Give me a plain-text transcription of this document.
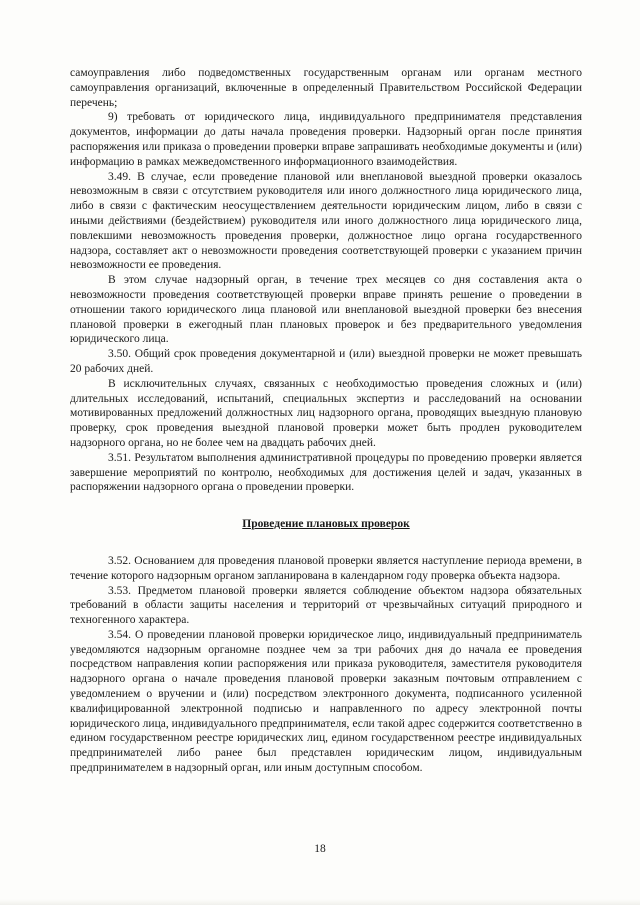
самоуправления либо подведомственных государственным органам или органам местного самоуправления организаций, включенные в определенный Правительством Российской Федерации перечень;

9) требовать от юридического лица, индивидуального предпринимателя представления документов, информации до даты начала проведения проверки. Надзорный орган после принятия распоряжения или приказа о проведении проверки вправе запрашивать необходимые документы и (или) информацию в рамках межведомственного информационного взаимодействия.

3.49. В случае, если проведение плановой или внеплановой выездной проверки оказалось невозможным в связи с отсутствием руководителя или иного должностного лица юридического лица, либо в связи с фактическим неосуществлением деятельности юридическим лицом, либо в связи с иными действиями (бездействием) руководителя или иного должностного лица юридического лица, повлекшими невозможность проведения проверки, должностное лицо органа государственного надзора, составляет акт о невозможности проведения соответствующей проверки с указанием причин невозможности ее проведения.

В этом случае надзорный орган, в течение трех месяцев со дня составления акта о невозможности проведения соответствующей проверки вправе принять решение о проведении в отношении такого юридического лица плановой или внеплановой выездной проверки без внесения плановой проверки в ежегодный план плановых проверок и без предварительного уведомления юридического лица.

3.50. Общий срок проведения документарной и (или) выездной проверки не может превышать 20 рабочих дней.

В исключительных случаях, связанных с необходимостью проведения сложных и (или) длительных исследований, испытаний, специальных экспертиз и расследований на основании мотивированных предложений должностных лиц надзорного органа, проводящих выездную плановую проверку, срок проведения выездной плановой проверки может быть продлен руководителем надзорного органа, но не более чем на двадцать рабочих дней.

3.51. Результатом выполнения административной процедуры по проведению проверки является завершение мероприятий по контролю, необходимых для достижения целей и задач, указанных в распоряжении надзорного органа о проведении проверки.

Проведение плановых проверок

3.52. Основанием для проведения плановой проверки является наступление периода времени, в течение которого надзорным органом запланирована в календарном году проверка объекта надзора.

3.53. Предметом плановой проверки является соблюдение объектом надзора обязательных требований в области защиты населения и территорий от чрезвычайных ситуаций природного и техногенного характера.

3.54. О проведении плановой проверки юридическое лицо, индивидуальный предприниматель уведомляются надзорным органомне позднее чем за три рабочих дня до начала ее проведения посредством направления копии распоряжения или приказа руководителя, заместителя руководителя надзорного органа о начале проведения плановой проверки заказным почтовым отправлением с уведомлением о вручении и (или) посредством электронного документа, подписанного усиленной квалифицированной электронной подписью и направленного по адресу электронной почты юридического лица, индивидуального предпринимателя, если такой адрес содержится соответственно в едином государственном реестре юридических лиц, едином государственном реестре индивидуальных предпринимателей либо ранее был представлен юридическим лицом, индивидуальным предпринимателем в надзорный орган, или иным доступным способом.

18
